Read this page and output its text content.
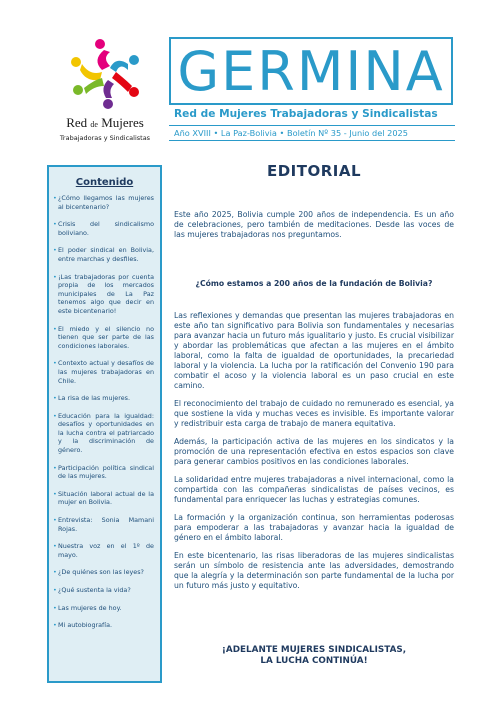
Red de Mujeres
Trabajadoras y Sindicalistas
GERMINA
Red de Mujeres Trabajadoras y Sindicalistas
Año XVIII • La Paz-Bolivia • Boletín Nº 35 - Junio del 2025
Contenido
• ¿Cómo llegamos las mujeres al bicentenario?
• Crisis del sindicalismo boliviano.
• El poder sindical en Bolivia, entre marchas y desfiles.
• ¡Las trabajadoras por cuenta propia de los mercados municipales de La Paz tenemos algo que decir en este bicentenario!
• El miedo y el silencio no tienen que ser parte de las condiciones laborales.
• Contexto actual y desafíos de las mujeres trabajadoras en Chile.
• La risa de las mujeres.
• Educación para la igualdad: desafíos y oportunidades en la lucha contra el patriarcado y la discriminación de género.
• Participación política sindical de las mujeres.
• Situación laboral actual de la mujer en Bolivia.
• Entrevista: Sonia Mamani Rojas.
• Nuestra voz en el 1º de mayo.
• ¿De quiénes son las leyes?
• ¿Qué sustenta la vida?
• Las mujeres de hoy.
• Mi autobiografía.
EDITORIAL
Este año 2025, Bolivia cumple 200 años de independencia. Es un año de celebraciones, pero también de meditaciones. Desde las voces de las mujeres trabajadoras nos preguntamos.
¿Cómo estamos a 200 años de la fundación de Bolivia?

Las reflexiones y demandas que presentan las mujeres trabajadoras en este año tan significativo para Bolivia son fundamentales y necesarias para avanzar hacia un futuro más igualitario y justo. Es crucial visibilizar y abordar las problemáticas que afectan a las mujeres en el ámbito laboral, como la falta de igualdad de oportunidades, la precariedad laboral y la violencia. La lucha por la ratificación del Convenio 190 para combatir el acoso y la violencia laboral es un paso crucial en este camino.

El reconocimiento del trabajo de cuidado no remunerado es esencial, ya que sostiene la vida y muchas veces es invisible. Es importante valorar y redistribuir esta carga de trabajo de manera equitativa.

Además, la participación activa de las mujeres en los sindicatos y la promoción de una representación efectiva en estos espacios son clave para generar cambios positivos en las condiciones laborales.

La solidaridad entre mujeres trabajadoras a nivel internacional, como la compartida con las compañeras sindicalistas de países vecinos, es fundamental para enriquecer las luchas y estrategias comunes.

La formación y la organización continua, son herramientas poderosas para empoderar a las trabajadoras y avanzar hacia la igualdad de género en el ámbito laboral.

En este bicentenario, las risas liberadoras de las mujeres sindicalistas serán un símbolo de resistencia ante las adversidades, demostrando que la alegría y la determinación son parte fundamental de la lucha por un futuro más justo y equitativo.

¡ADELANTE MUJERES SINDICALISTAS,
LA LUCHA CONTINÚA!
